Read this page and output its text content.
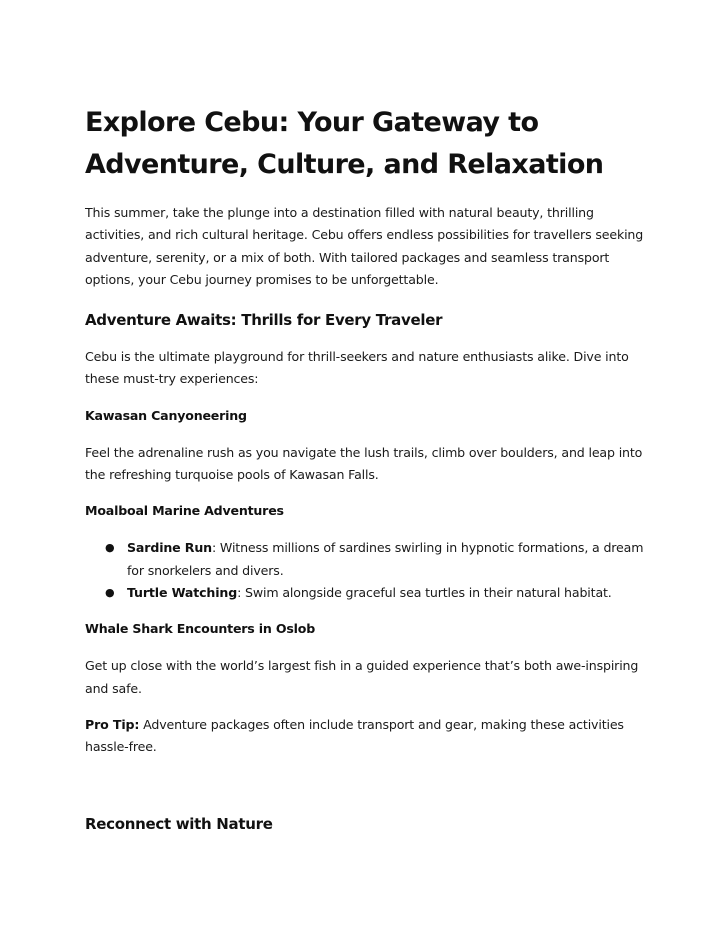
Explore Cebu: Your Gateway to Adventure, Culture, and Relaxation

This summer, take the plunge into a destination filled with natural beauty, thrilling activities, and rich cultural heritage. Cebu offers endless possibilities for travellers seeking adventure, serenity, or a mix of both. With tailored packages and seamless transport options, your Cebu journey promises to be unforgettable.

Adventure Awaits: Thrills for Every Traveler

Cebu is the ultimate playground for thrill-seekers and nature enthusiasts alike. Dive into these must-try experiences:

Kawasan Canyoneering

Feel the adrenaline rush as you navigate the lush trails, climb over boulders, and leap into the refreshing turquoise pools of Kawasan Falls.

Moalboal Marine Adventures
● Sardine Run: Witness millions of sardines swirling in hypnotic formations, a dream for snorkelers and divers.
● Turtle Watching: Swim alongside graceful sea turtles in their natural habitat.
Whale Shark Encounters in Oslob

Get up close with the world’s largest fish in a guided experience that’s both awe-inspiring and safe.

Pro Tip: Adventure packages often include transport and gear, making these activities hassle-free.

Reconnect with Nature
